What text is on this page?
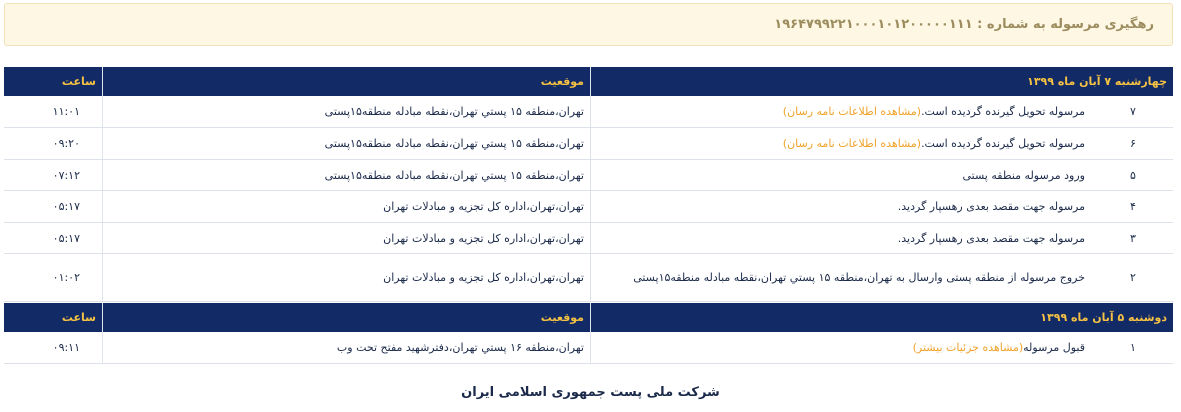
رهگیری مرسوله به شماره : ۱۹۶۴۷۹۹۲۲۱۰۰۰۱۰۱۲۰۰۰۰۰۱۱۱
چهارشنبه ۷ آبان ماه ۱۳۹۹
موقعیت
ساعت
۷
مرسوله تحویل گیرنده گردیده است.
(مشاهده اطلاعات نامه رسان)
تهران،منطقه ۱۵ پستي تهران،نقطه مبادله منطقه۱۵پستی
۱۱:۰۱
۶
مرسوله تحویل گیرنده گردیده است.
(مشاهده اطلاعات نامه رسان)
تهران،منطقه ۱۵ پستي تهران،نقطه مبادله منطقه۱۵پستی
۰۹:۲۰
۵
ورود مرسوله منطقه پستی
تهران،منطقه ۱۵ پستي تهران،نقطه مبادله منطقه۱۵پستی
۰۷:۱۲
۴
مرسوله جهت مقصد بعدی رهسپار گردید.
تهران،تهران،اداره کل تجزیه و مبادلات تهران
۰۵:۱۷
۳
مرسوله جهت مقصد بعدی رهسپار گردید.
تهران،تهران،اداره کل تجزیه و مبادلات تهران
۰۵:۱۷
۲
خروج مرسوله از منطقه پستی وارسال به تهران،منطقه ۱۵ پستي تهران،نقطه مبادله منطقه۱۵پستی
تهران،تهران،اداره کل تجزیه و مبادلات تهران
۰۱:۰۲
دوشنبه ۵ آبان ماه ۱۳۹۹
موقعیت
ساعت
۱
قبول مرسوله
(مشاهده جزئیات بیشتر)
تهران،منطقه ۱۶ پستي تهران،دفترشهید مفتح تحت وب
۰۹:۱۱
شرکت ملی پست جمهوری اسلامی ایران
